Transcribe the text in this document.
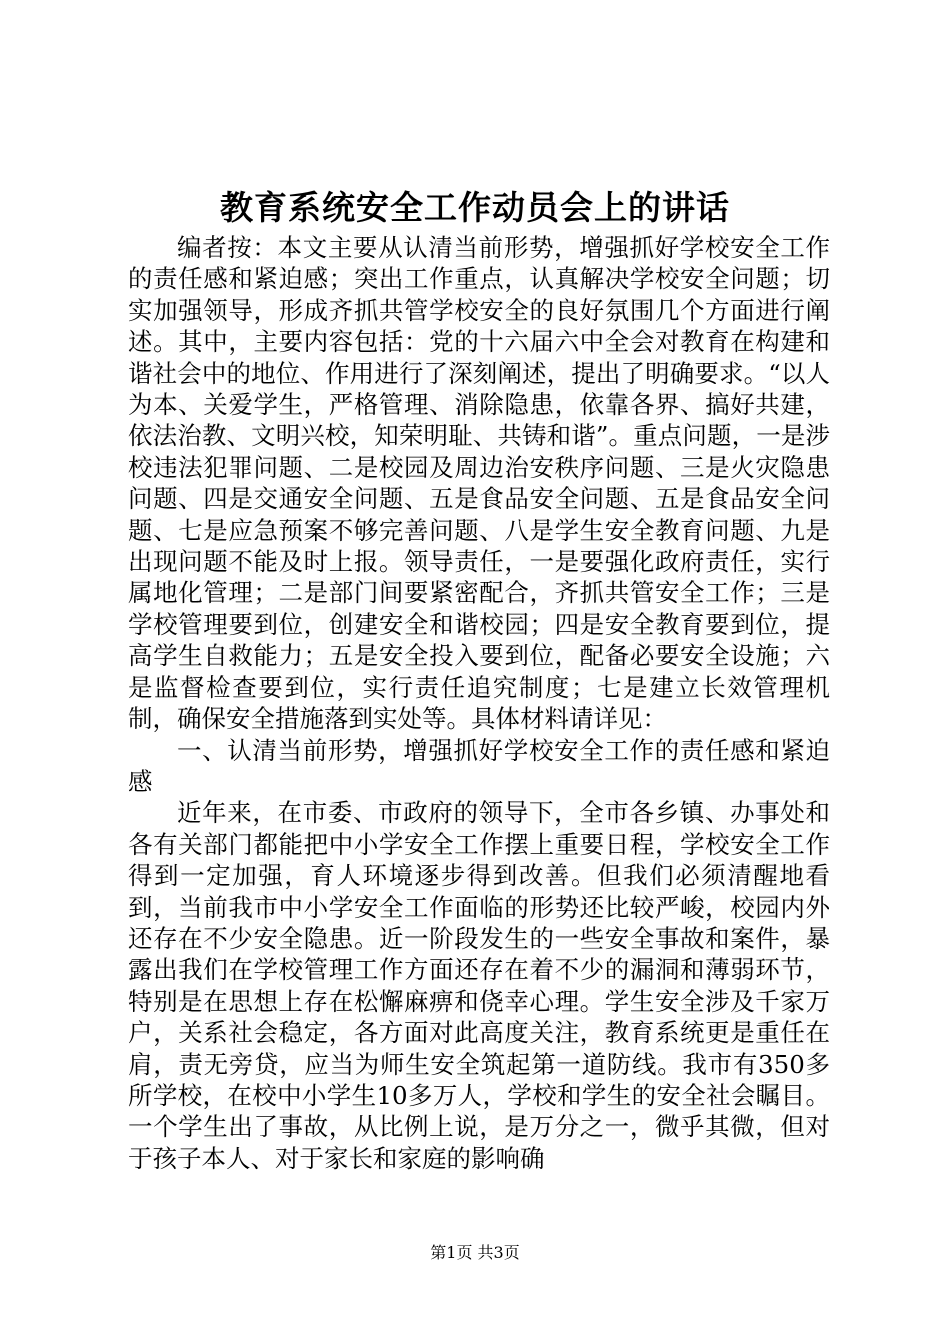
教育系统安全工作动员会上的讲话

编者按：本文主要从认清当前形势，增强抓好学校安全工作的责任感和紧迫感；突出工作重点，认真解决学校安全问题；切实加强领导，形成齐抓共管学校安全的良好氛围几个方面进行阐述。其中，主要内容包括：党的十六届六中全会对教育在构建和谐社会中的地位、作用进行了深刻阐述，提出了明确要求。“以人为本、关爱学生，严格管理、消除隐患，依靠各界、搞好共建，依法治教、文明兴校，知荣明耻、共铸和谐”。重点问题，一是涉校违法犯罪问题、二是校园及周边治安秩序问题、三是火灾隐患问题、四是交通安全问题、五是食品安全问题、五是食品安全问题、七是应急预案不够完善问题、八是学生安全教育问题、九是出现问题不能及时上报。领导责任，一是要强化政府责任，实行属地化管理；二是部门间要紧密配合，齐抓共管安全工作；三是学校管理要到位，创建安全和谐校园；四是安全教育要到位，提高学生自救能力；五是安全投入要到位，配备必要安全设施；六是监督检查要到位，实行责任追究制度；七是建立长效管理机制，确保安全措施落到实处等。具体材料请详见：

一、认清当前形势，增强抓好学校安全工作的责任感和紧迫感

近年来，在市委、市政府的领导下，全市各乡镇、办事处和各有关部门都能把中小学安全工作摆上重要日程，学校安全工作得到一定加强，育人环境逐步得到改善。但我们必须清醒地看到，当前我市中小学安全工作面临的形势还比较严峻，校园内外还存在不少安全隐患。近一阶段发生的一些安全事故和案件，暴露出我们在学校管理工作方面还存在着不少的漏洞和薄弱环节，特别是在思想上存在松懈麻痹和侥幸心理。学生安全涉及千家万户，关系社会稳定，各方面对此高度关注，教育系统更是重任在肩，责无旁贷，应当为师生安全筑起第一道防线。我市有350多所学校，在校中小学生10多万人，学校和学生的安全社会瞩目。一个学生出了事故，从比例上说，是万分之一，微乎其微，但对于孩子本人、对于家长和家庭的影响确

第1页 共3页
